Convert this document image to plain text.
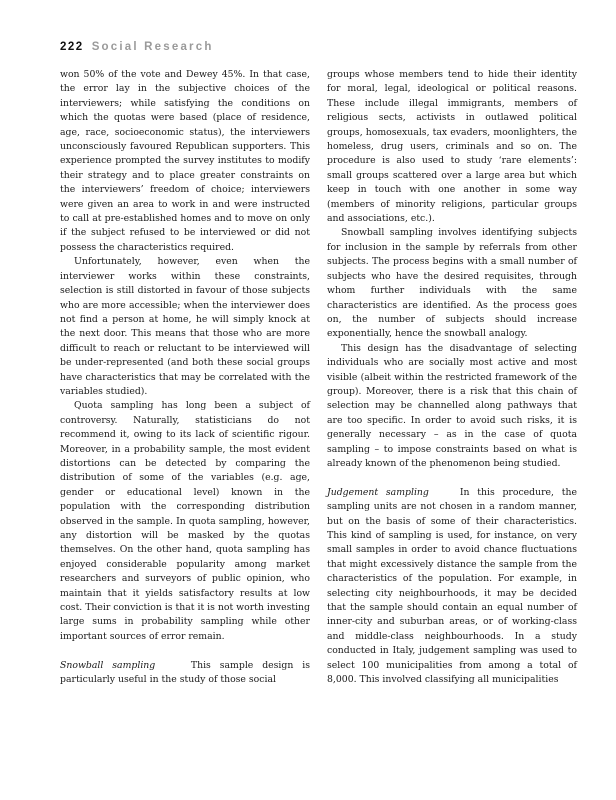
222 Social Research

won 50% of the vote and Dewey 45%. In that case, the error lay in the subjective choices of the interviewers; while satisfying the conditions on which the quotas were based (place of residence, age, race, socioeconomic status), the interviewers unconsciously favoured Republican supporters. This experience prompted the survey institutes to modify their strategy and to place greater constraints on the interviewers’ freedom of choice; interviewers were given an area to work in and were instructed to call at pre-established homes and to move on only if the subject refused to be interviewed or did not possess the characteristics required.

Unfortunately, however, even when the interviewer works within these constraints, selection is still distorted in favour of those subjects who are more accessible; when the interviewer does not find a person at home, he will simply knock at the next door. This means that those who are more difficult to reach or reluctant to be interviewed will be under-represented (and both these social groups have characteristics that may be correlated with the variables studied).

Quota sampling has long been a subject of controversy. Naturally, statisticians do not recommend it, owing to its lack of scientific rigour. Moreover, in a probability sample, the most evident distortions can be detected by comparing the distribution of some of the variables (e.g. age, gender or educational level) known in the population with the corresponding distribution observed in the sample. In quota sampling, however, any distortion will be masked by the quotas themselves. On the other hand, quota sampling has enjoyed considerable popularity among market researchers and surveyors of public opinion, who maintain that it yields satisfactory results at low cost. Their conviction is that it is not worth investing large sums in probability sampling while other important sources of error remain.

Snowball sampling	This sample design is particularly useful in the study of those social

groups whose members tend to hide their identity for moral, legal, ideological or political reasons. These include illegal immigrants, members of religious sects, activists in outlawed political groups, homosexuals, tax evaders, moonlighters, the homeless, drug users, criminals and so on. The procedure is also used to study ‘rare elements’: small groups scattered over a large area but which keep in touch with one another in some way (members of minority religions, particular groups and associations, etc.).

Snowball sampling involves identifying subjects for inclusion in the sample by referrals from other subjects. The process begins with a small number of subjects who have the desired requisites, through whom further individuals with the same characteristics are identified. As the process goes on, the number of subjects should increase exponentially, hence the snowball analogy.

This design has the disadvantage of selecting individuals who are socially most active and most visible (albeit within the restricted framework of the group). Moreover, there is a risk that this chain of selection may be channelled along pathways that are too specific. In order to avoid such risks, it is generally necessary – as in the case of quota sampling – to impose constraints based on what is already known of the phenomenon being studied.

Judgement sampling	In this procedure, the sampling units are not chosen in a random manner, but on the basis of some of their characteristics. This kind of sampling is used, for instance, on very small samples in order to avoid chance fluctuations that might excessively distance the sample from the characteristics of the population. For example, in selecting city neighbourhoods, it may be decided that the sample should contain an equal number of inner-city and suburban areas, or of working-class and middle-class neighbourhoods. In a study conducted in Italy, judgement sampling was used to select 100 municipalities from among a total of 8,000. This involved classifying all municipalities
